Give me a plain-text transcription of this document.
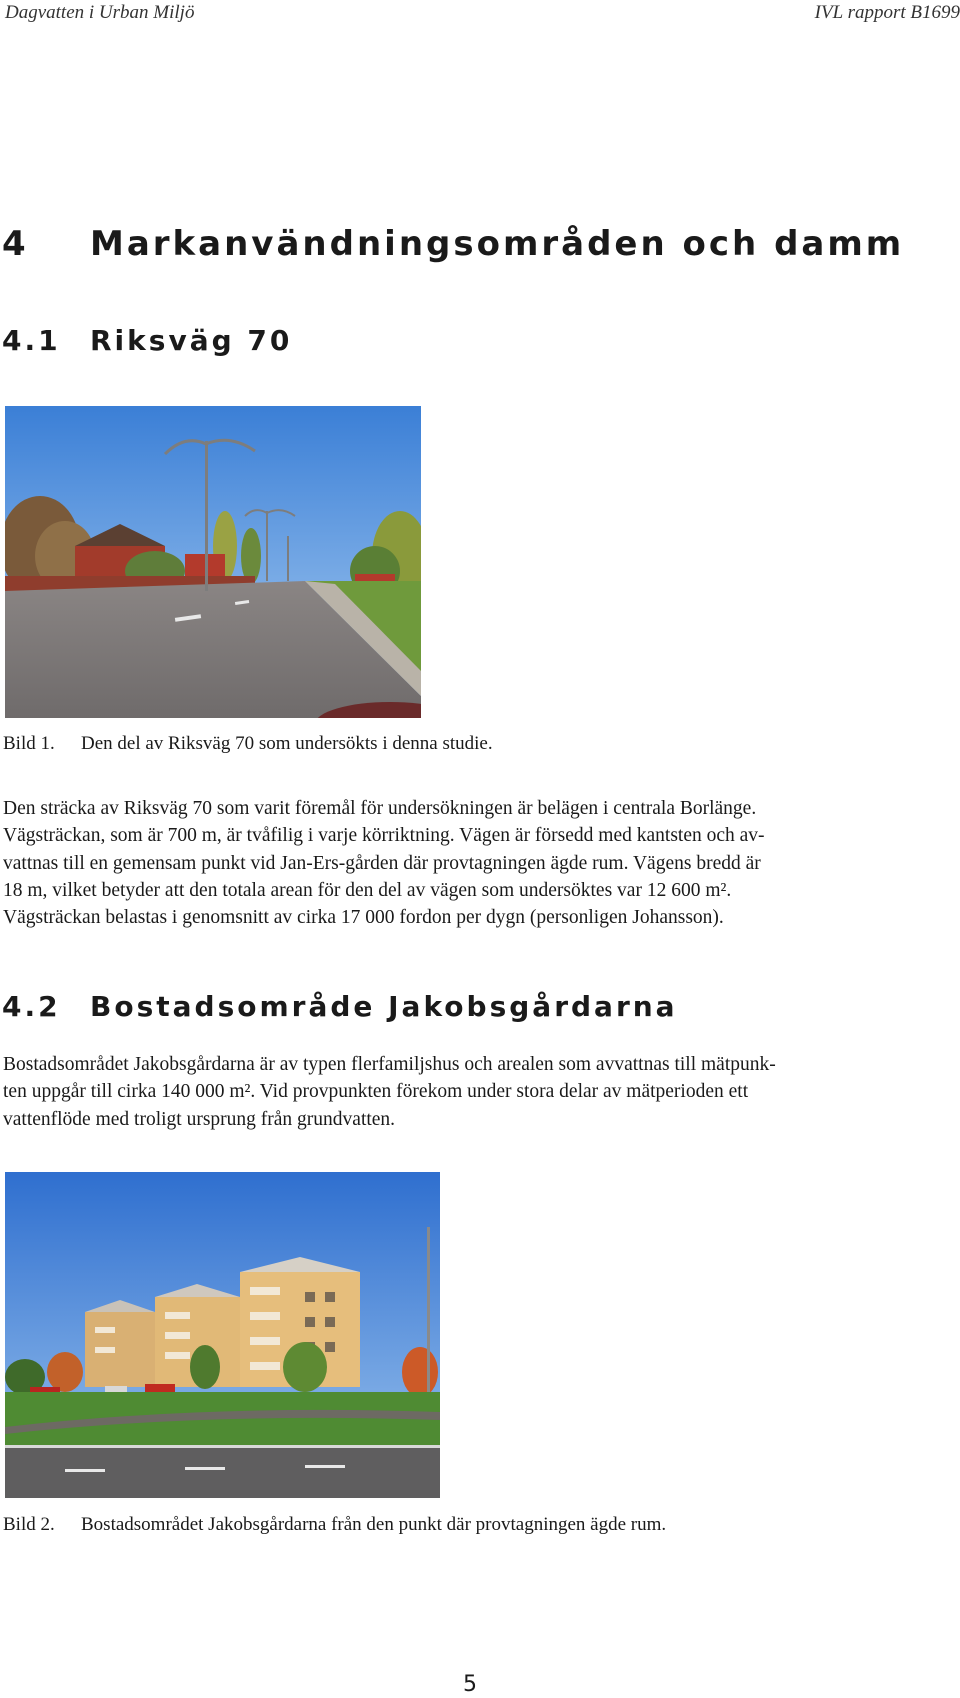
Dagvatten i Urban Miljö	IVL rapport B1699
4 Markanvändningsområden och damm
4.1 Riksväg 70
Bild 1. Den del av Riksväg 70 som undersökts i denna studie.
Den sträcka av Riksväg 70 som varit föremål för undersökningen är belägen i centrala Borlänge.
Vägsträckan, som är 700 m, är tvåfilig i varje körriktning. Vägen är försedd med kantsten och av-
vattnas till en gemensam punkt vid Jan-Ers-gården där provtagningen ägde rum. Vägens bredd är
18 m, vilket betyder att den totala arean för den del av vägen som undersöktes var 12 600 m².
Vägsträckan belastas i genomsnitt av cirka 17 000 fordon per dygn (personligen Johansson).
4.2 Bostadsområde Jakobsgårdarna
Bostadsområdet Jakobsgårdarna är av typen flerfamiljshus och arealen som avvattnas till mätpunk-
ten uppgår till cirka 140 000 m². Vid provpunkten förekom under stora delar av mätperioden ett
vattenflöde med troligt ursprung från grundvatten.
Bild 2. Bostadsområdet Jakobsgårdarna från den punkt där provtagningen ägde rum.
5
